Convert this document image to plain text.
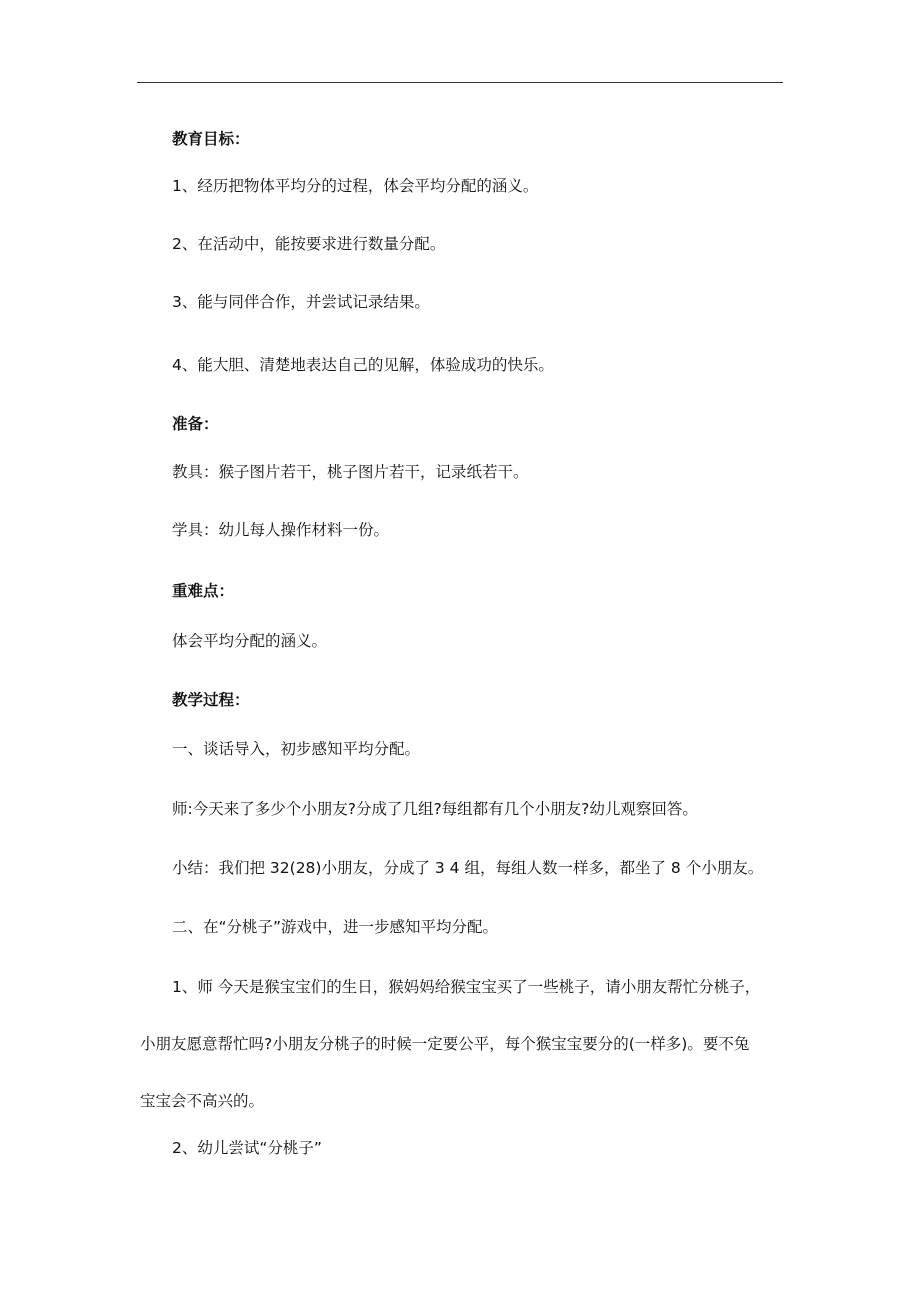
教育目标：
1、经历把物体平均分的过程，体会平均分配的涵义。
2、在活动中，能按要求进行数量分配。
3、能与同伴合作，并尝试记录结果。
4、能大胆、清楚地表达自己的见解，体验成功的快乐。
准备：
教具：猴子图片若干，桃子图片若干，记录纸若干。
学具：幼儿每人操作材料一份。
重难点：
体会平均分配的涵义。
教学过程：
一、谈话导入，初步感知平均分配。
师:今天来了多少个小朋友?分成了几组?每组都有几个小朋友?幼儿观察回答。
小结：我们把 32(28)小朋友，分成了 3 4 组，每组人数一样多，都坐了 8 个小朋友。
二、在“分桃子”游戏中，进一步感知平均分配。
1、师 今天是猴宝宝们的生日，猴妈妈给猴宝宝买了一些桃子，请小朋友帮忙分桃子，
小朋友愿意帮忙吗?小朋友分桃子的时候一定要公平，每个猴宝宝要分的(一样多)。要不兔
宝宝会不高兴的。
2、幼儿尝试“分桃子”
